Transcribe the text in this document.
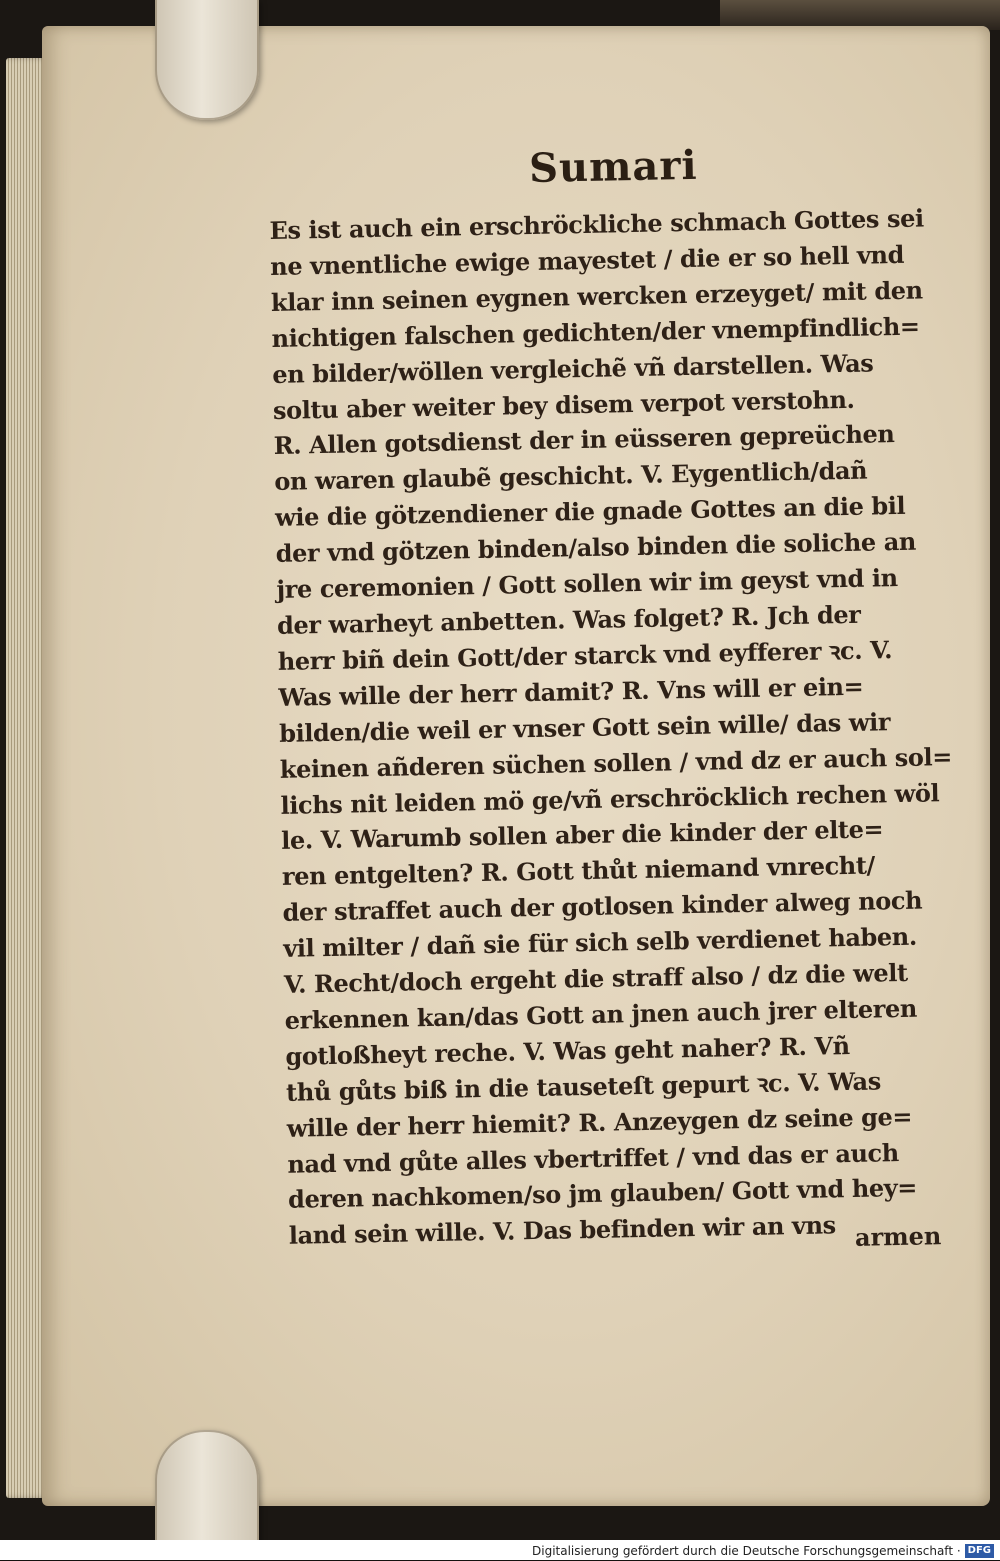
Sumari
Es ist auch ein erschröckliche schmach Gottes sei
ne vnentliche ewige mayestet / die er so hell vnd
klar inn seinen eygnen wercken erzeyget/ mit den
nichtigen falschen gedichten/der vnempfindlich=
en bilder/wöllen vergleichẽ vñ darstellen. Was
soltu aber weiter bey disem verpot verstohn.
R. Allen gotsdienst der in eüsseren gepreüchen
on waren glaubẽ geschicht. V. Eygentlich/dañ
wie die götzendiener die gnade Gottes an die bil
der vnd götzen binden/also binden die soliche an
jre ceremonien / Gott sollen wir im geyst vnd in
der warheyt anbetten. Was folget? R. Jch der
herr biñ dein Gott/der starck vnd eyfferer ꝛc. V.
Was wille der herr damit? R. Vns will er ein=
bilden/die weil er vnser Gott sein wille/ das wir
keinen añderen süchen sollen / vnd dz er auch sol=
lichs nit leiden mö ge/vñ erschröcklich rechen wöl
le. V. Warumb sollen aber die kinder der elte=
ren entgelten? R. Gott thůt niemand vnrecht/
der straffet auch der gotlosen kinder alweg noch
vil milter / dañ sie für sich selb verdienet haben.
V. Recht/doch ergeht die straff also / dz die welt
erkennen kan/das Gott an jnen auch jrer elteren
gotloßheyt reche. V. Was geht naher? R. Vñ
thů gůts biß in die tauseteſt gepurt ꝛc. V. Was
wille der herr hiemit? R. Anzeygen dz seine ge=
nad vnd gůte alles vbertriffet / vnd das er auch
deren nachkomen/so jm glauben/ Gott vnd hey=
land sein wille. V. Das befinden wir an vns armen
Digitalisierung gefördert durch die Deutsche Forschungsgemeinschaft · DFG
